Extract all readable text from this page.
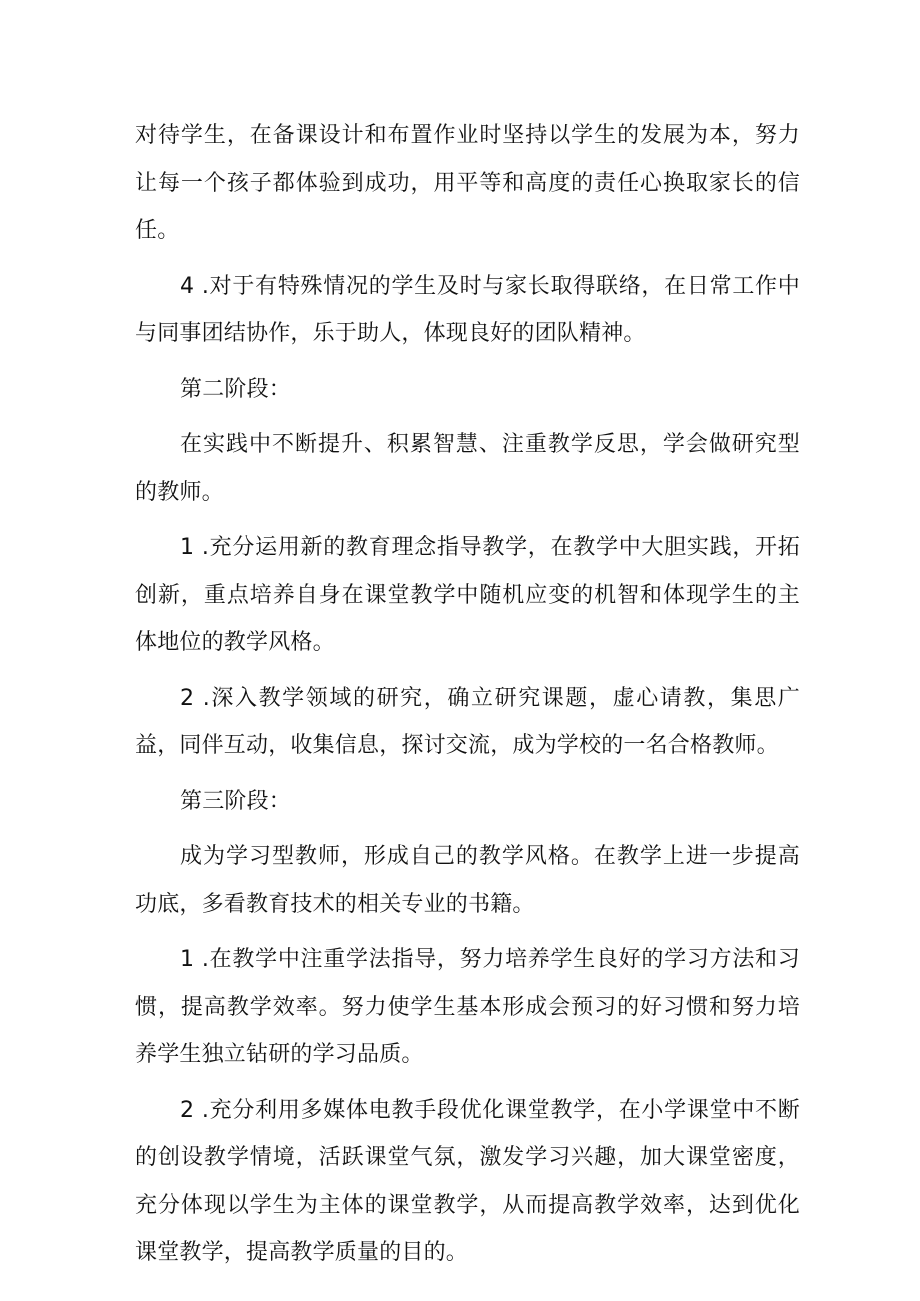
对待学生，在备课设计和布置作业时坚持以学生的发展为本，努力让每一个孩子都体验到成功，用平等和高度的责任心换取家长的信任。

4 .对于有特殊情况的学生及时与家长取得联络，在日常工作中与同事团结协作，乐于助人，体现良好的团队精神。

第二阶段：

在实践中不断提升、积累智慧、注重教学反思，学会做研究型的教师。

1 .充分运用新的教育理念指导教学，在教学中大胆实践，开拓创新，重点培养自身在课堂教学中随机应变的机智和体现学生的主体地位的教学风格。

2 .深入教学领域的研究，确立研究课题，虚心请教，集思广益，同伴互动，收集信息，探讨交流，成为学校的一名合格教师。

第三阶段：

成为学习型教师，形成自己的教学风格。在教学上进一步提高功底，多看教育技术的相关专业的书籍。

1 .在教学中注重学法指导，努力培养学生良好的学习方法和习惯，提高教学效率。努力使学生基本形成会预习的好习惯和努力培养学生独立钻研的学习品质。

2 .充分利用多媒体电教手段优化课堂教学，在小学课堂中不断的创设教学情境，活跃课堂气氛，激发学习兴趣，加大课堂密度，充分体现以学生为主体的课堂教学，从而提高教学效率，达到优化课堂教学，提高教学质量的目的。
